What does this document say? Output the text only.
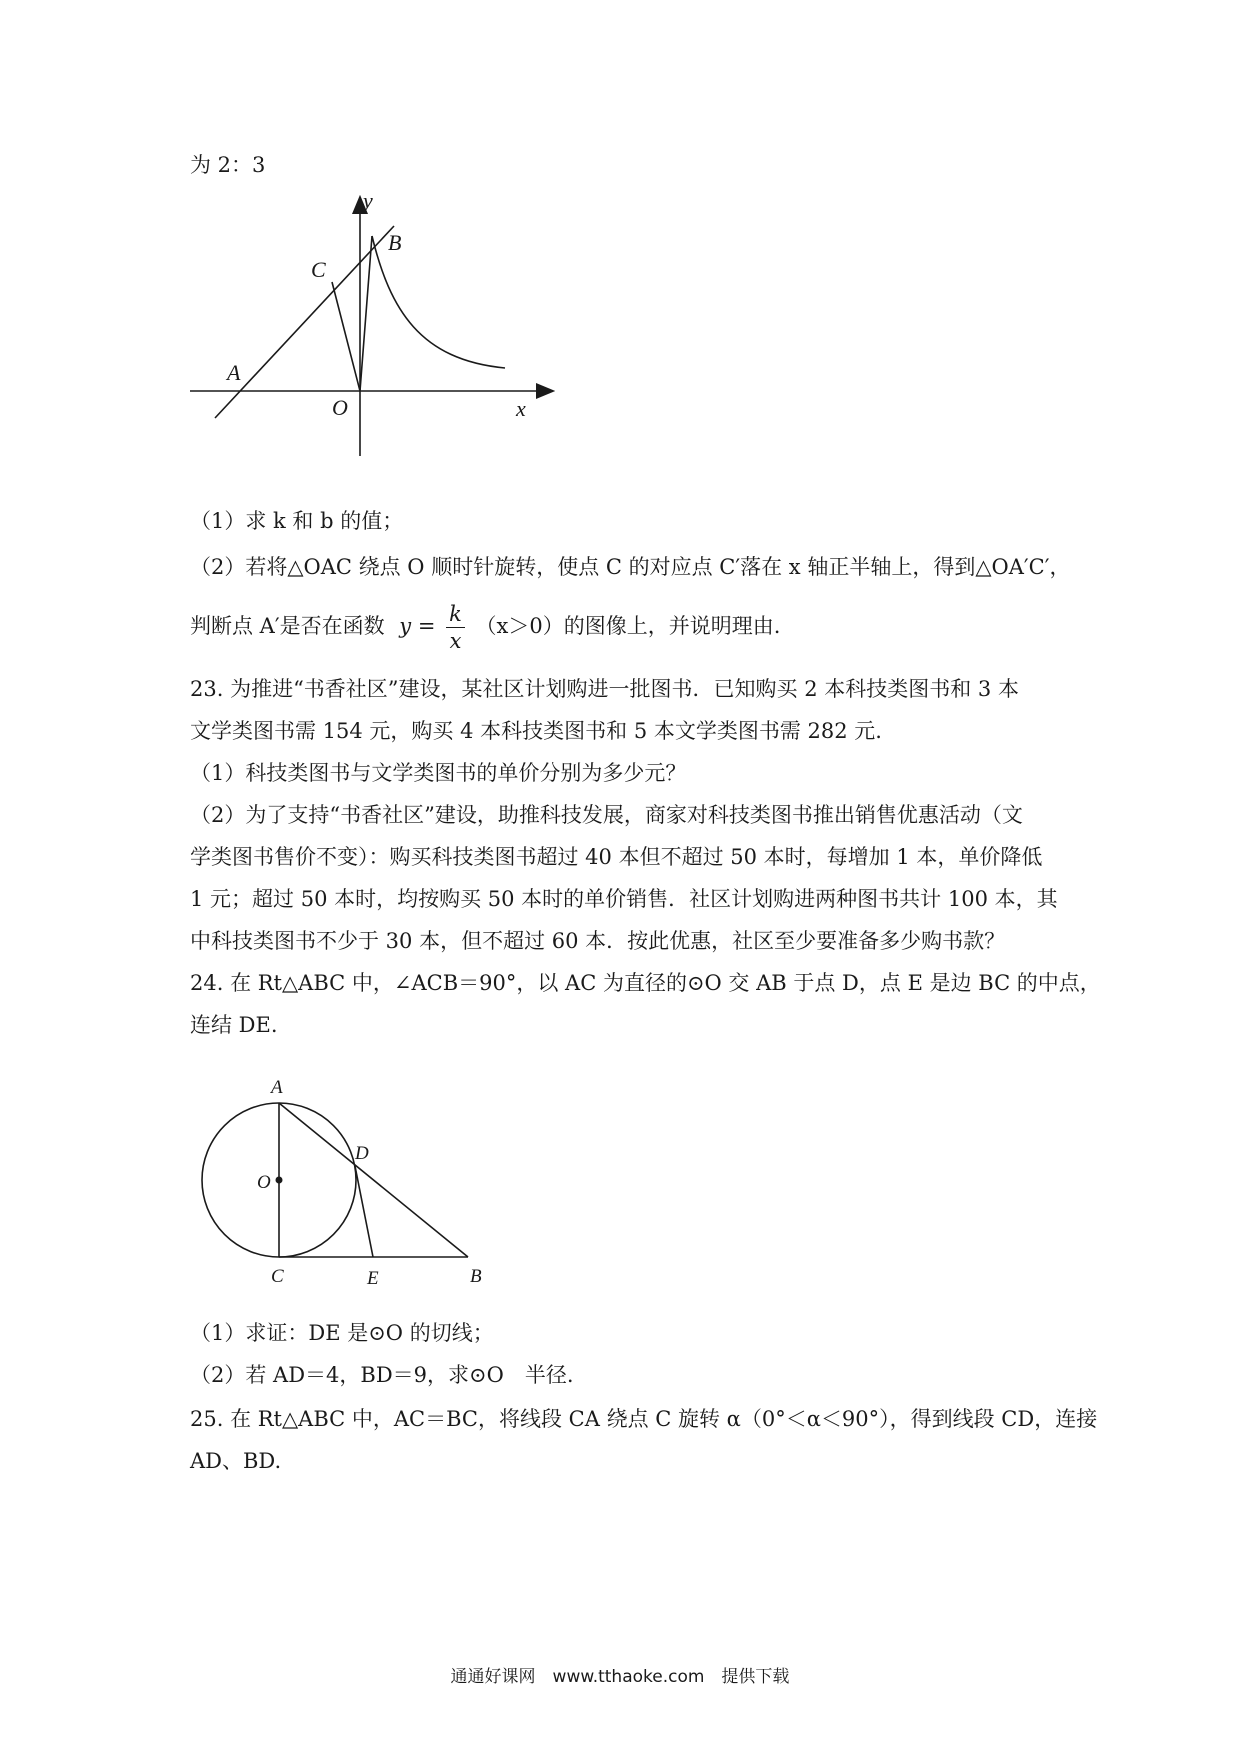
为 2：3
y
B
C
A
O	x
（1）求 k 和 b 的值；
（2）若将△OAC 绕点 O 顺时针旋转，使点 C 的对应点 C′落在 x 轴正半轴上，得到△OA′C′，
判断点 A′是否在函数 $y = \frac{k}{x} (x>0)$的图像上，并说明理由.
23. 为推进“书香社区”建设，某社区计划购进一批图书．已知购买 2 本科技类图书和 3 本
文学类图书需 154 元，购买 4 本科技类图书和 5 本文学类图书需 282 元.
（1）科技类图书与文学类图书的单价分别为多少元？
（2）为了支持“书香社区”建设，助推科技发展，商家对科技类图书推出销售优惠活动（文
学类图书售价不变）：购买科技类图书超过 40 本但不超过 50 本时，每增加 1 本，单价降低
1 元；超过 50 本时，均按购买 50 本时的单价销售．社区计划购进两种图书共计 100 本，其
中科技类图书不少于 30 本，但不超过 60 本．按此优惠，社区至少要准备多少购书款？
24. 在 Rt△ABC 中，∠ACB＝90°，以 AC 为直径的⊙O 交 AB 于点 D，点 E 是边 BC 的中点，
连结 DE.
A
D
O
C	E	B
（1）求证：DE 是⊙O 的切线；
（2）若 AD＝4，BD＝9，求⊙O　半径.
25. 在 Rt△ABC 中，AC＝BC，将线段 CA 绕点 C 旋转 α（0°＜α＜90°），得到线段 CD，连接
AD、BD.
通通好课网　www.tthaoke.com　提供下载
